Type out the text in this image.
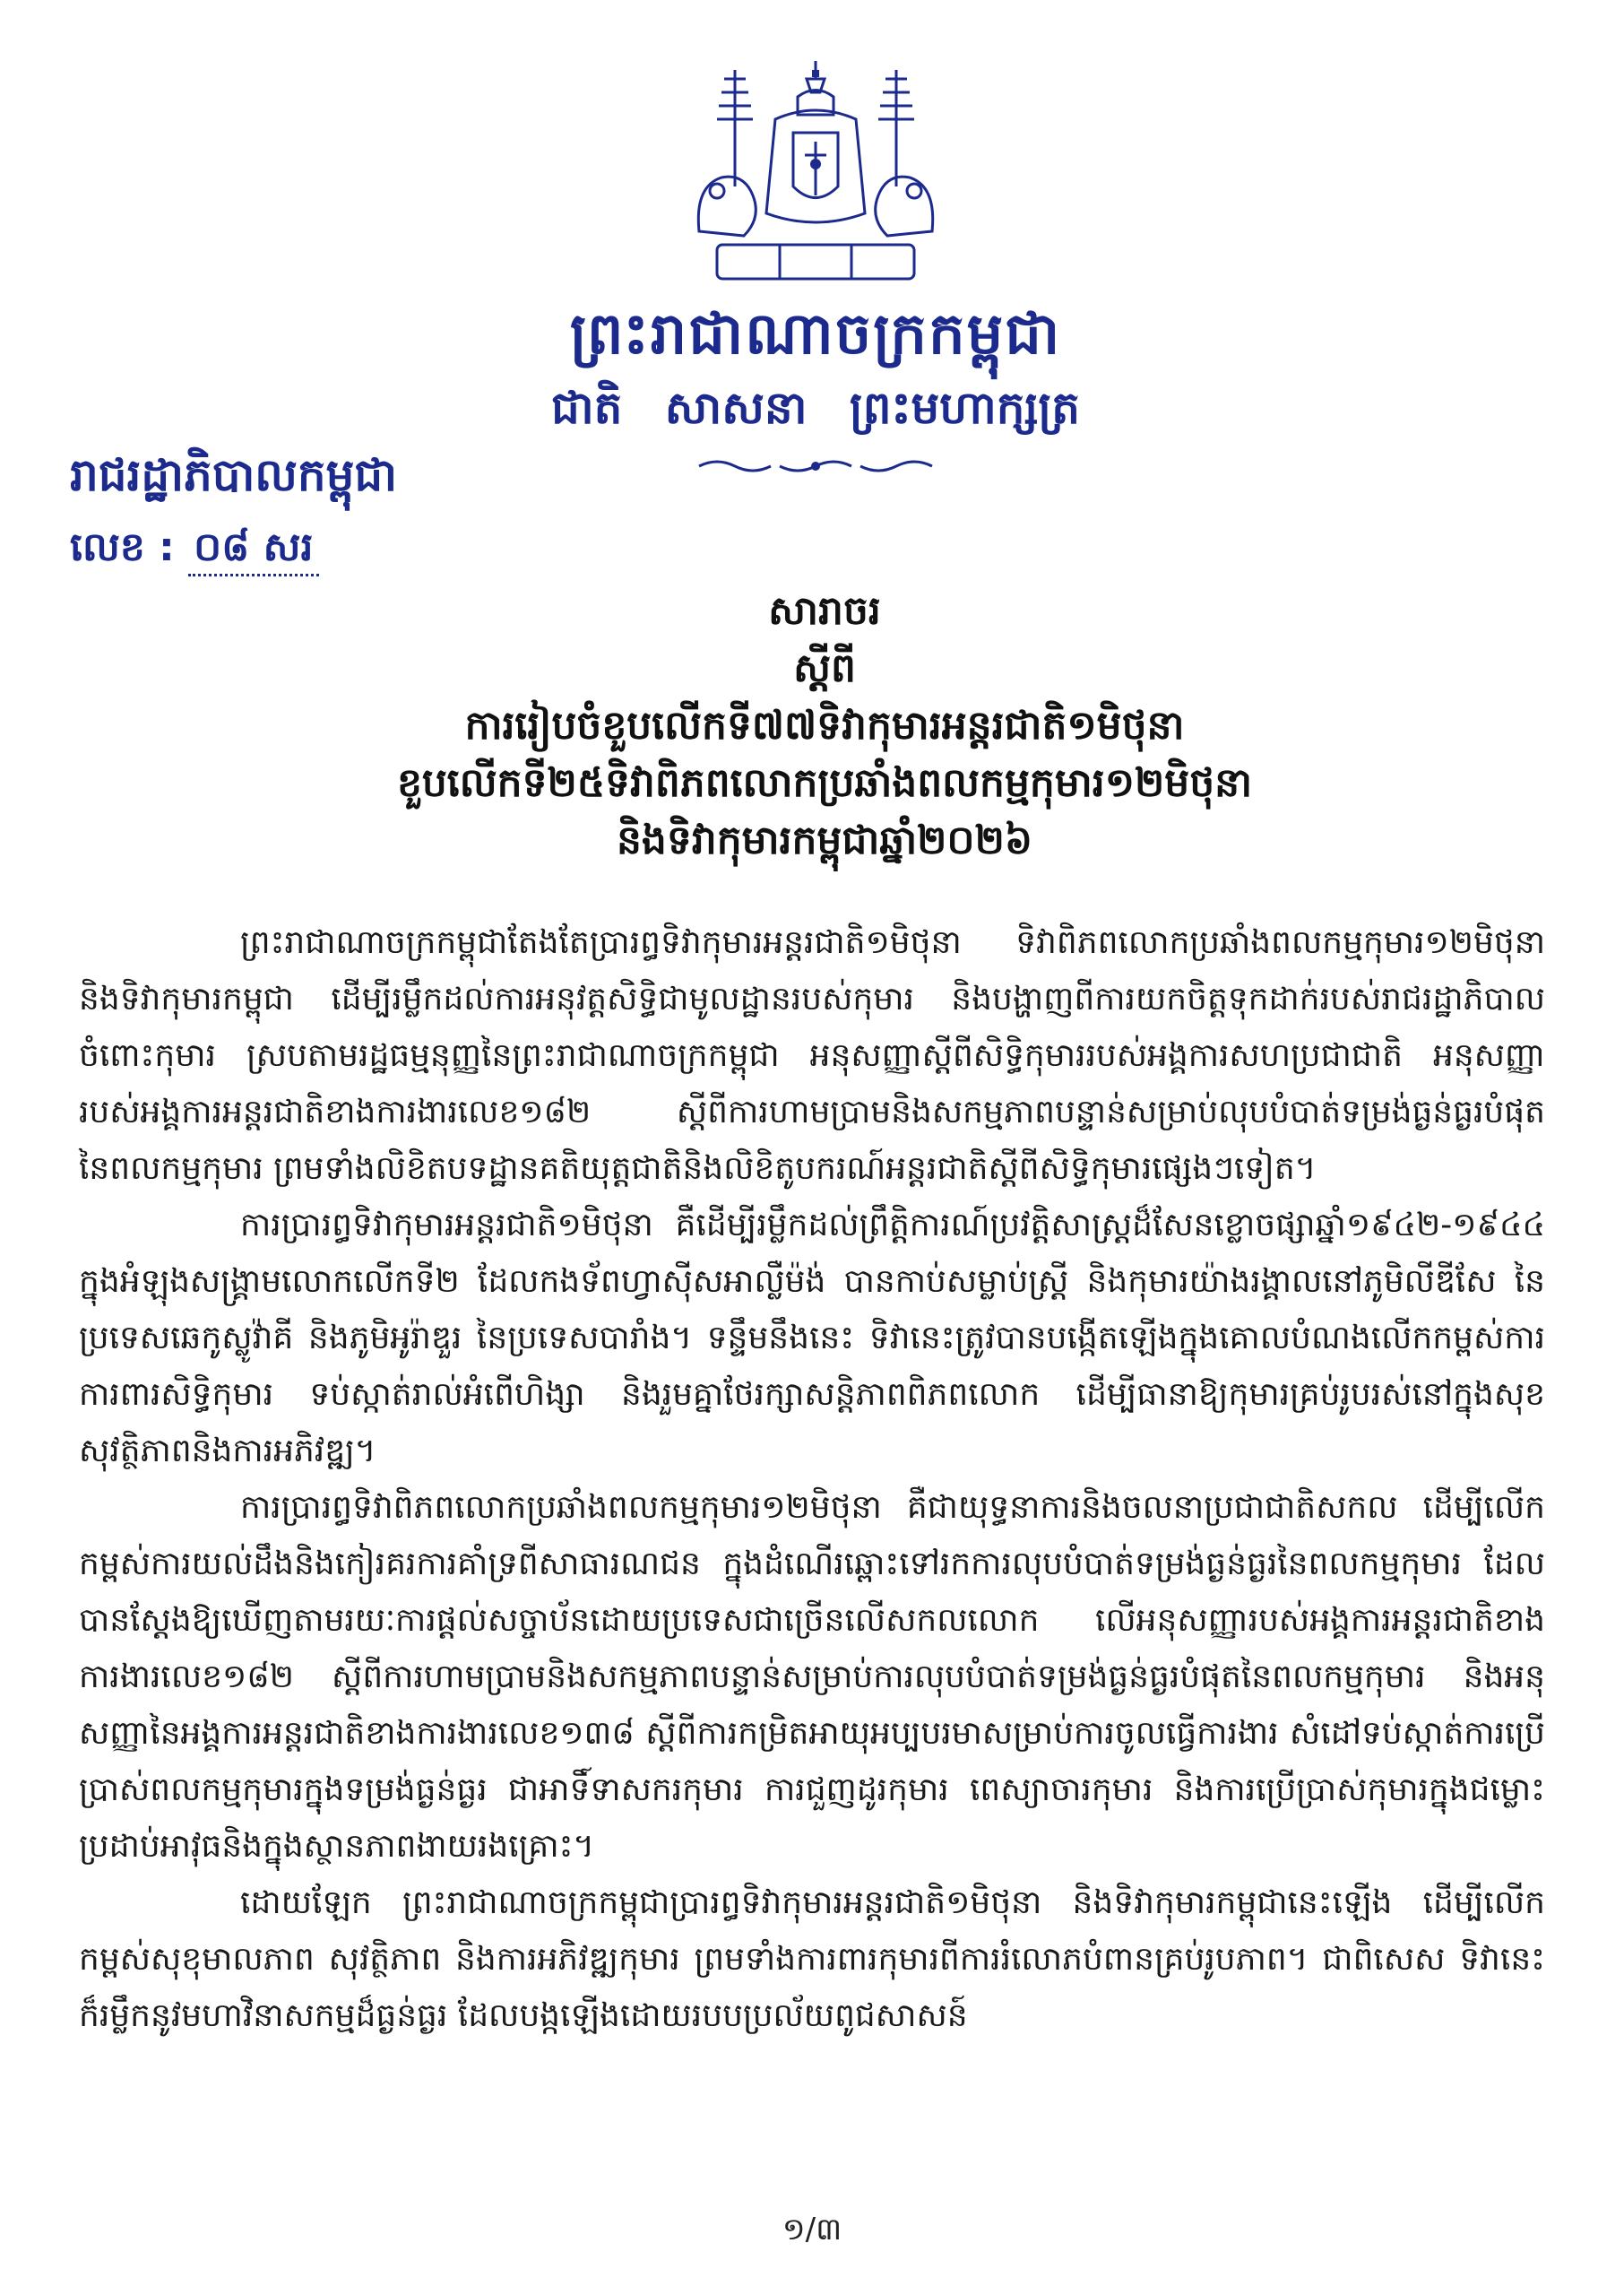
ព្រះរាជាណាចក្រកម្ពុជា
ជាតិ សាសនា ព្រះមហាក្សត្រ
រាជរដ្ឋាភិបាលកម្ពុជា
លេខ : ០៨ សរ
សារាចរ
ស្តីពី
ការរៀបចំខួបលើកទី៧៧ទិវាកុមារអន្តរជាតិ១មិថុនា
ខួបលើកទី២៥ទិវាពិភពលោកប្រឆាំងពលកម្មកុមារ១២មិថុនា
និងទិវាកុមារកម្ពុជាឆ្នាំ២០២៦

ព្រះរាជាណាចក្រកម្ពុជាតែងតែប្រារព្ធទិវាកុមារអន្តរជាតិ១មិថុនា ទិវាពិភពលោកប្រឆាំងពលកម្មកុមារ១២មិថុនា និងទិវាកុមារកម្ពុជា ដើម្បីរម្លឹកដល់ការអនុវត្តសិទ្ធិជាមូលដ្ឋានរបស់កុមារ និងបង្ហាញពីការយកចិត្តទុកដាក់របស់រាជរដ្ឋាភិបាលចំពោះកុមារ ស្របតាមរដ្ឋធម្មនុញ្ញនៃព្រះរាជាណាចក្រកម្ពុជា អនុសញ្ញាស្តីពីសិទ្ធិកុមាររបស់អង្គការសហប្រជាជាតិ អនុសញ្ញារបស់អង្គការអន្តរជាតិខាងការងារលេខ១៨២ ស្តីពីការហាមប្រាមនិងសកម្មភាពបន្ទាន់សម្រាប់លុបបំបាត់ទម្រង់ធ្ងន់ធ្ងរបំផុតនៃពលកម្មកុមារ ព្រមទាំងលិខិតបទដ្ឋានគតិយុត្តជាតិនិងលិខិតូបករណ៍អន្តរជាតិស្តីពីសិទ្ធិកុមារផ្សេងៗទៀត។

ការប្រារព្ធទិវាកុមារអន្តរជាតិ១មិថុនា គឺដើម្បីរម្លឹកដល់ព្រឹត្តិការណ៍ប្រវត្តិសាស្ត្រដ៏សែនខ្លោចផ្សាឆ្នាំ១៩៤២-១៩៤៤ ក្នុងអំឡុងសង្គ្រាមលោកលើកទី២ ដែលកងទ័ពហ្វាស៊ីសអាល្លឺម៉ង់ បានកាប់សម្លាប់ស្ត្រី និងកុមារយ៉ាងរង្គាលនៅភូមិលីឌីសែ នៃប្រទេសឆេកូស្លូវ៉ាគី និងភូមិអូរ៉ាឌួរ នៃប្រទេសបារាំង។ ទន្ទឹមនឹងនេះ ទិវានេះត្រូវបានបង្កើតឡើងក្នុងគោលបំណងលើកកម្ពស់ការការពារសិទ្ធិកុមារ ទប់ស្កាត់រាល់អំពើហិង្សា និងរួមគ្នាថែរក្សាសន្តិភាពពិភពលោក ដើម្បីធានាឱ្យកុមារគ្រប់រូបរស់នៅក្នុងសុខសុវត្ថិភាពនិងការអភិវឌ្ឍ។

ការប្រារព្ធទិវាពិភពលោកប្រឆាំងពលកម្មកុមារ១២មិថុនា គឺជាយុទ្ធនាការនិងចលនាប្រជាជាតិសកល ដើម្បីលើកកម្ពស់ការយល់ដឹងនិងកៀរគរការគាំទ្រពីសាធារណជន ក្នុងដំណើរឆ្ពោះទៅរកការលុបបំបាត់ទម្រង់ធ្ងន់ធ្ងរនៃពលកម្មកុមារ ដែលបានស្តែងឱ្យឃើញតាមរយៈការផ្តល់សច្ចាប័នដោយប្រទេសជាច្រើនលើសកលលោក លើអនុសញ្ញារបស់អង្គការអន្តរជាតិខាងការងារលេខ១៨២ ស្តីពីការហាមប្រាមនិងសកម្មភាពបន្ទាន់សម្រាប់ការលុបបំបាត់ទម្រង់ធ្ងន់ធ្ងរបំផុតនៃពលកម្មកុមារ និងអនុសញ្ញានៃអង្គការអន្តរជាតិខាងការងារលេខ១៣៨ ស្តីពីការកម្រិតអាយុអប្បបរមាសម្រាប់ការចូលធ្វើការងារ សំដៅទប់ស្កាត់ការប្រើប្រាស់ពលកម្មកុមារក្នុងទម្រង់ធ្ងន់ធ្ងរ ជាអាទិ៍ទាសករកុមារ ការជួញដូរកុមារ ពេស្យាចារកុមារ និងការប្រើប្រាស់កុមារក្នុងជម្លោះប្រដាប់អាវុធនិងក្នុងស្ថានភាពងាយរងគ្រោះ។

ដោយឡែក ព្រះរាជាណាចក្រកម្ពុជាប្រារព្ធទិវាកុមារអន្តរជាតិ១មិថុនា និងទិវាកុមារកម្ពុជានេះឡើង ដើម្បីលើកកម្ពស់សុខុមាលភាព សុវត្ថិភាព និងការអភិវឌ្ឍកុមារ ព្រមទាំងការពារកុមារពីការរំលោភបំពានគ្រប់រូបភាព។ ជាពិសេស ទិវានេះក៏រម្លឹកនូវមហាវិនាសកម្មដ៏ធ្ងន់ធ្ងរ ដែលបង្កឡើងដោយរបបប្រល័យពូជសាសន៍

១/៣
